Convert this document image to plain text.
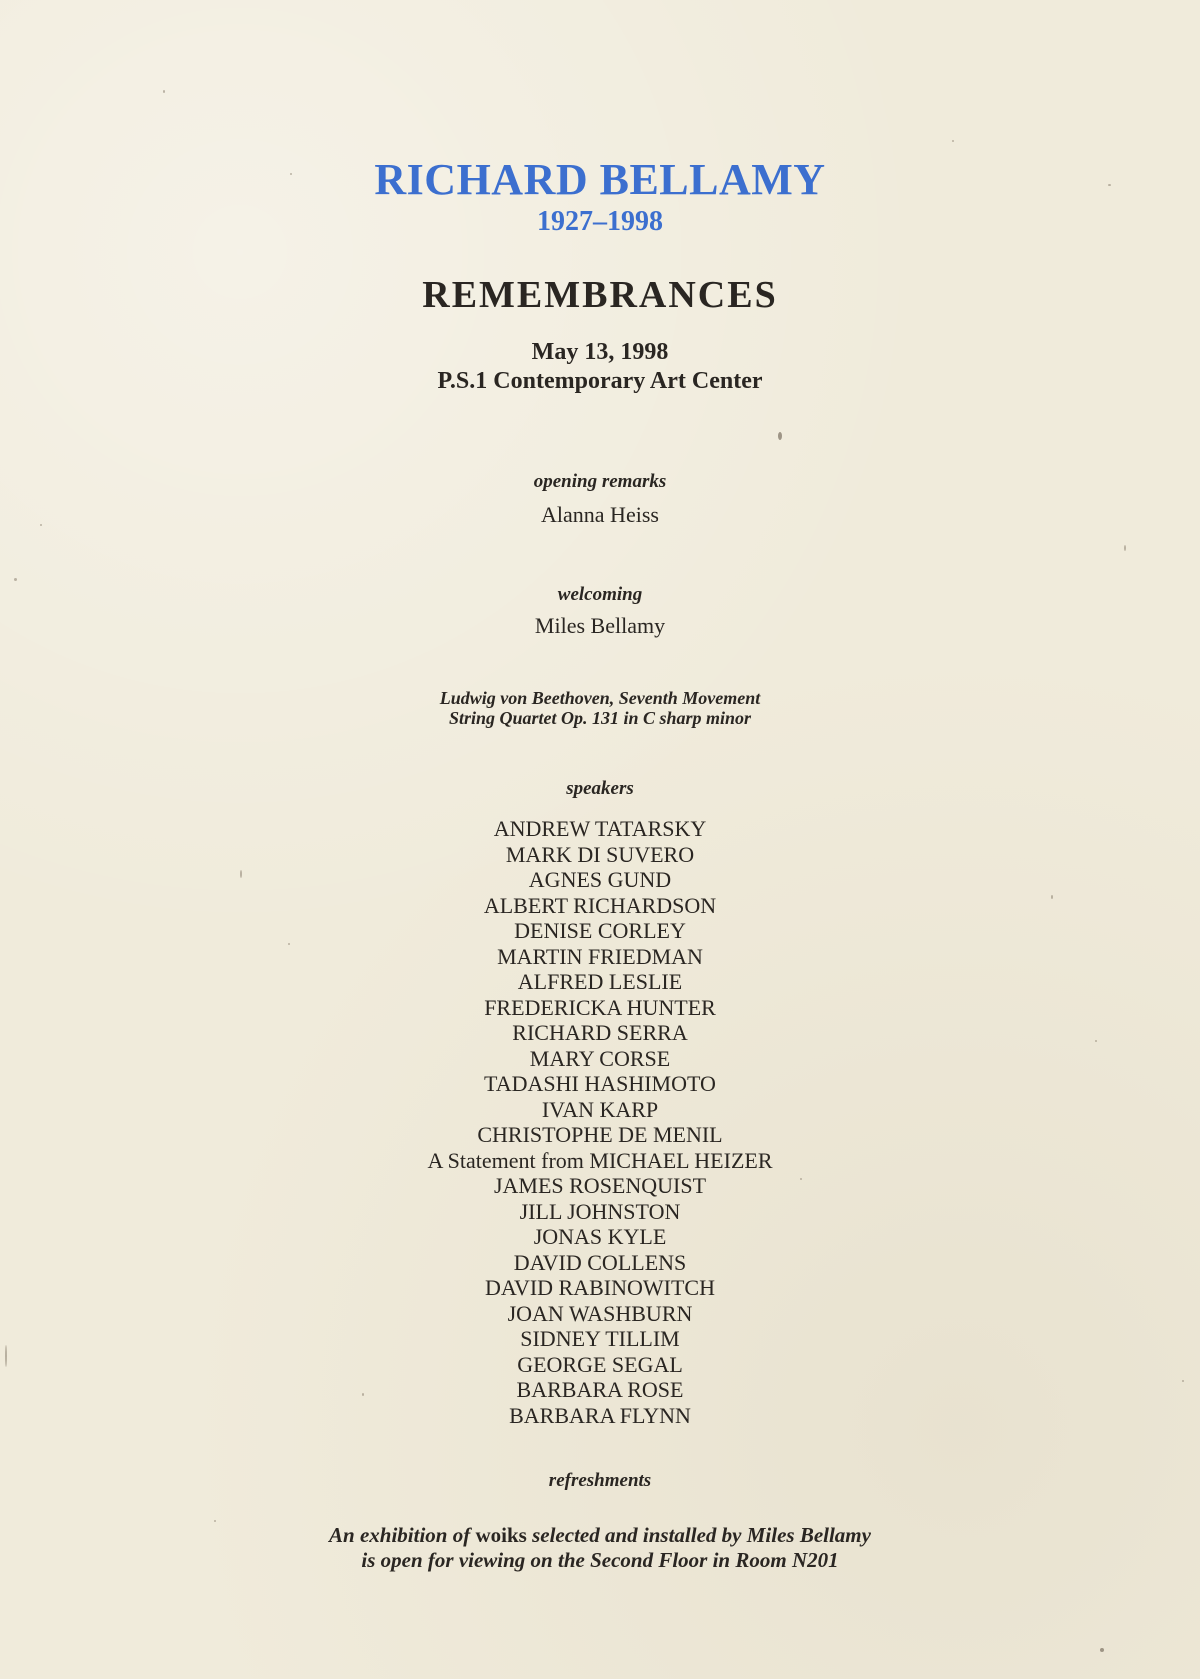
RICHARD BELLAMY
1927–1998
REMEMBRANCES
May 13, 1998
P.S.1 Contemporary Art Center
opening remarks
Alanna Heiss
welcoming
Miles Bellamy
Ludwig von Beethoven, Seventh Movement
String Quartet Op. 131 in C sharp minor
speakers
ANDREW TATARSKY
MARK DI SUVERO
AGNES GUND
ALBERT RICHARDSON
DENISE CORLEY
MARTIN FRIEDMAN
ALFRED LESLIE
FREDERICKA HUNTER
RICHARD SERRA
MARY CORSE
TADASHI HASHIMOTO
IVAN KARP
CHRISTOPHE DE MENIL
A Statement from MICHAEL HEIZER
JAMES ROSENQUIST
JILL JOHNSTON
JONAS KYLE
DAVID COLLENS
DAVID RABINOWITCH
JOAN WASHBURN
SIDNEY TILLIM
GEORGE SEGAL
BARBARA ROSE
BARBARA FLYNN
refreshments
An exhibition of woiks selected and installed by Miles Bellamy
is open for viewing on the Second Floor in Room N201
